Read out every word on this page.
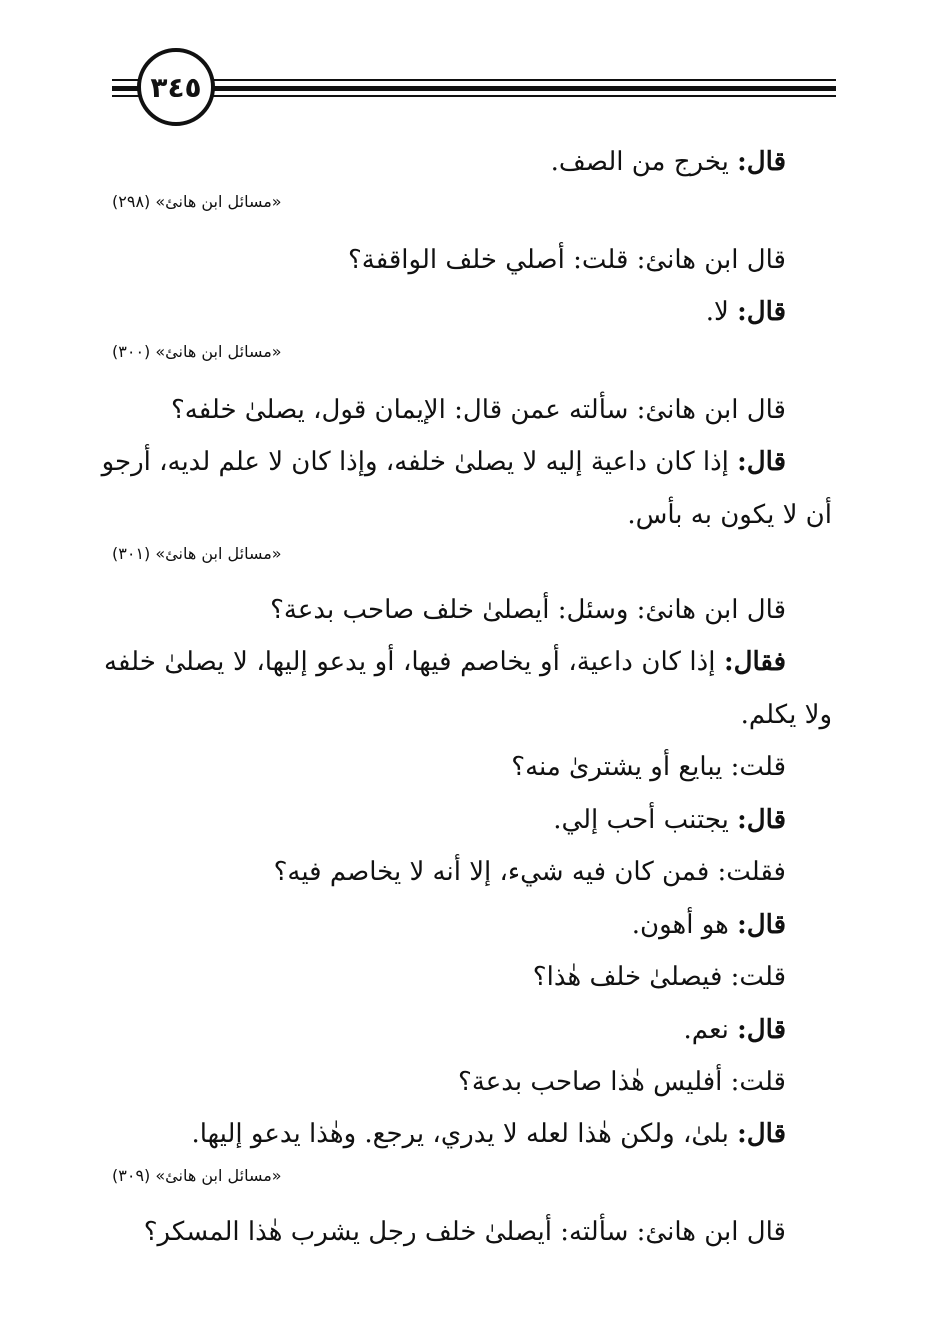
٣٤٥
قال: يخرج من الصف.
«مسائل ابن هانئ» (٢٩٨)
قال ابن هانئ: قلت: أصلي خلف الواقفة؟
قال: لا.
«مسائل ابن هانئ» (٣٠٠)
قال ابن هانئ: سألته عمن قال: الإيمان قول، يصلىٰ خلفه؟
قال: إذا كان داعية إليه لا يصلىٰ خلفه، وإذا كان لا علم لديه، أرجو
أن لا يكون به بأس.
«مسائل ابن هانئ» (٣٠١)
قال ابن هانئ: وسئل: أيصلىٰ خلف صاحب بدعة؟
فقال: إذا كان داعية، أو يخاصم فيها، أو يدعو إليها، لا يصلىٰ خلفه
ولا يكلم.
قلت: يبايع أو يشترىٰ منه؟
قال: يجتنب أحب إلي.
فقلت: فمن كان فيه شيء، إلا أنه لا يخاصم فيه؟
قال: هو أهون.
قلت: فيصلىٰ خلف هٰذا؟
قال: نعم.
قلت: أفليس هٰذا صاحب بدعة؟
قال: بلىٰ، ولكن هٰذا لعله لا يدري، يرجع. وهٰذا يدعو إليها.
«مسائل ابن هانئ» (٣٠٩)
قال ابن هانئ: سألته: أيصلىٰ خلف رجل يشرب هٰذا المسكر؟
